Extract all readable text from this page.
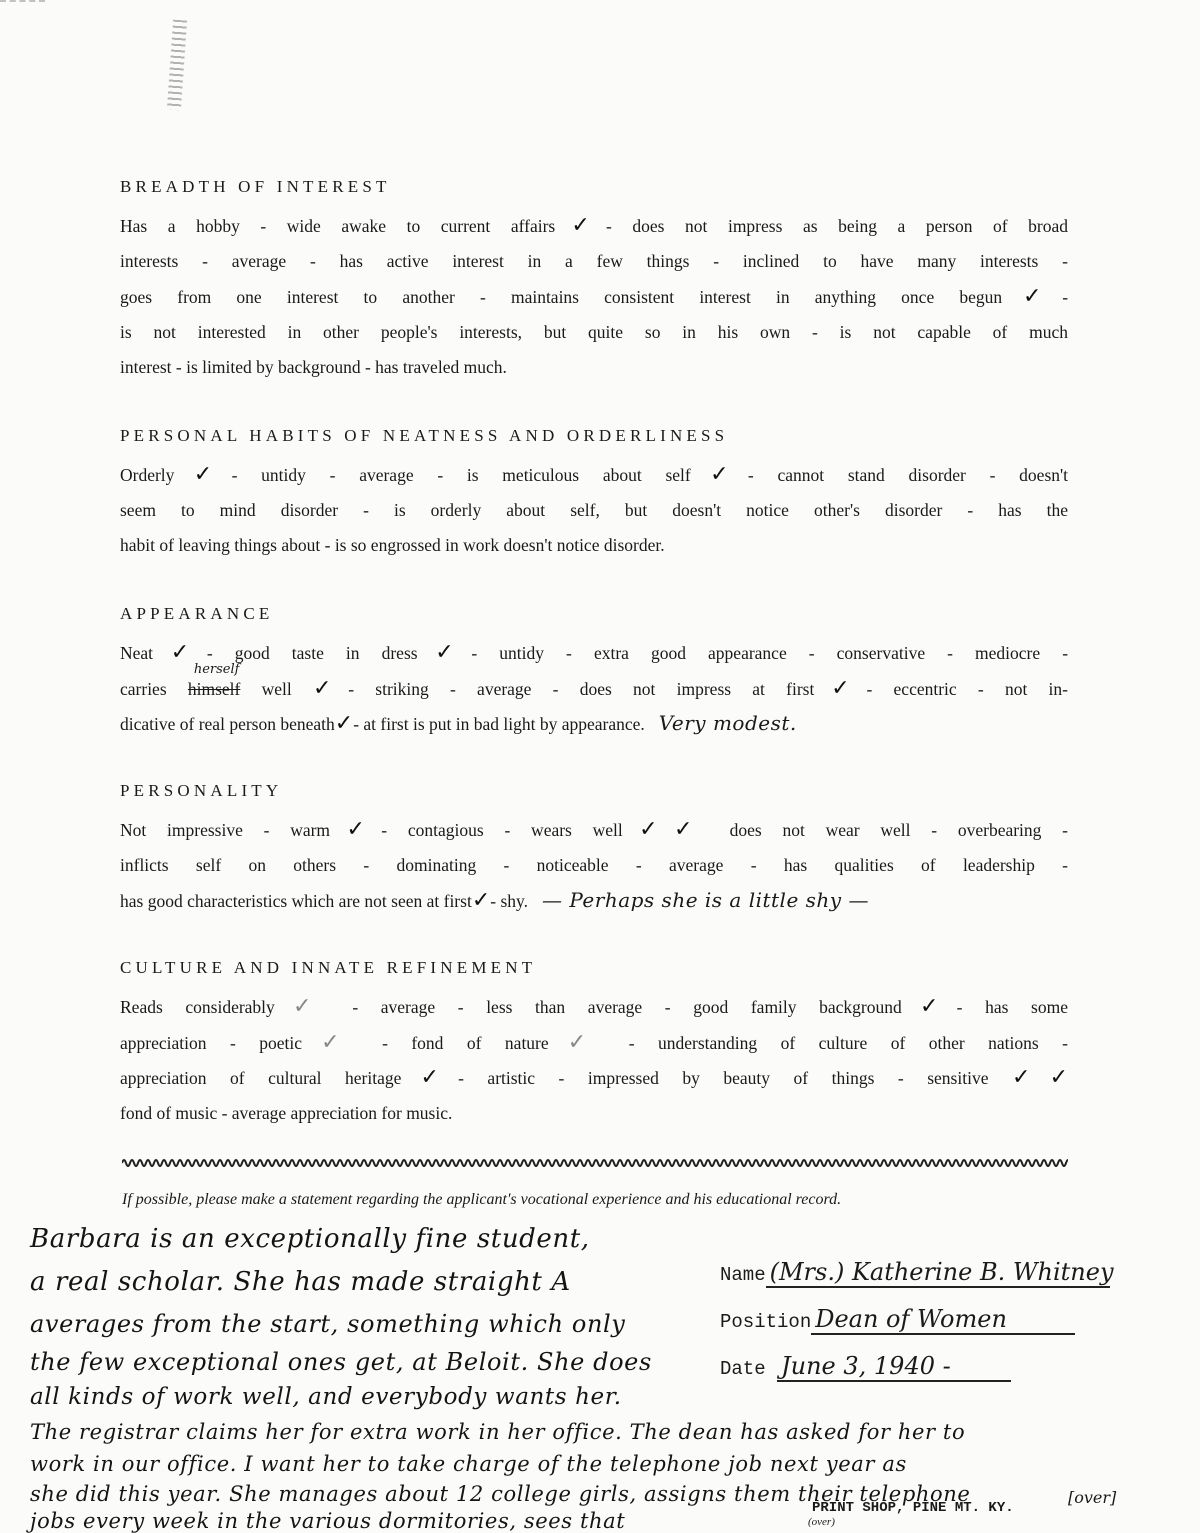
BREADTH OF INTEREST
Has a hobby - wide awake to current affairs✓- does not impress as being a person of broad
interests - average - has active interest in a few things - inclined to have many interests -
goes from one interest to another - maintains consistent interest in anything once begun✓-
is not interested in other people's interests, but quite so in his own - is not capable of much
interest - is limited by background - has traveled much.
PERSONAL HABITS OF NEATNESS AND ORDERLINESS
Orderly✓- untidy - average - is meticulous about self✓- cannot stand disorder - doesn't
seem to mind disorder - is orderly about self, but doesn't notice other's disorder - has the
habit of leaving things about - is so engrossed in work doesn't notice disorder.
APPEARANCE
Neat✓- good taste in dress✓- untidy - extra good appearance - conservative - mediocre -
carries himself
herself
well ✓- striking - average - does not impress at first✓- eccentric - not in-
dicative of real person beneath✓- at first is put in bad light by appearance. Very modest.
PERSONALITY
Not impressive - warm✓- contagious - wears well✓✓ does not wear well - overbearing -
inflicts self on others - dominating - noticeable - average - has qualities of leadership -
has good characteristics which are not seen at first✓- shy. — Perhaps she is a little shy —
CULTURE AND INNATE REFINEMENT
Reads considerably✓ - average - less than average - good family background✓- has some
appreciation - poetic✓ - fond of nature✓ - understanding of culture of other nations -
appreciation of cultural heritage✓- artistic - impressed by beauty of things - sensitive ✓✓
fond of music - average appreciation for music.
If possible, please make a statement regarding the applicant's vocational experience and his educational record.
Barbara is an exceptionally fine student,
a real scholar. She has made straight A
averages from the start, something which only
the few exceptional ones get, at Beloit. She does
all kinds of work well, and everybody wants her.
The registrar claims her for extra work in her office. The dean has asked for her to
work in our office. I want her to take charge of the telephone job next year as
she did this year. She manages about 12 college girls, assigns them their telephone
jobs every week in the various dormitories, sees that
Name (Mrs.) Katherine B. Whitney
Position Dean of Women
Date June 3, 1940 -
PRINT SHOP, PINE MT. KY.
[over]
(over)
